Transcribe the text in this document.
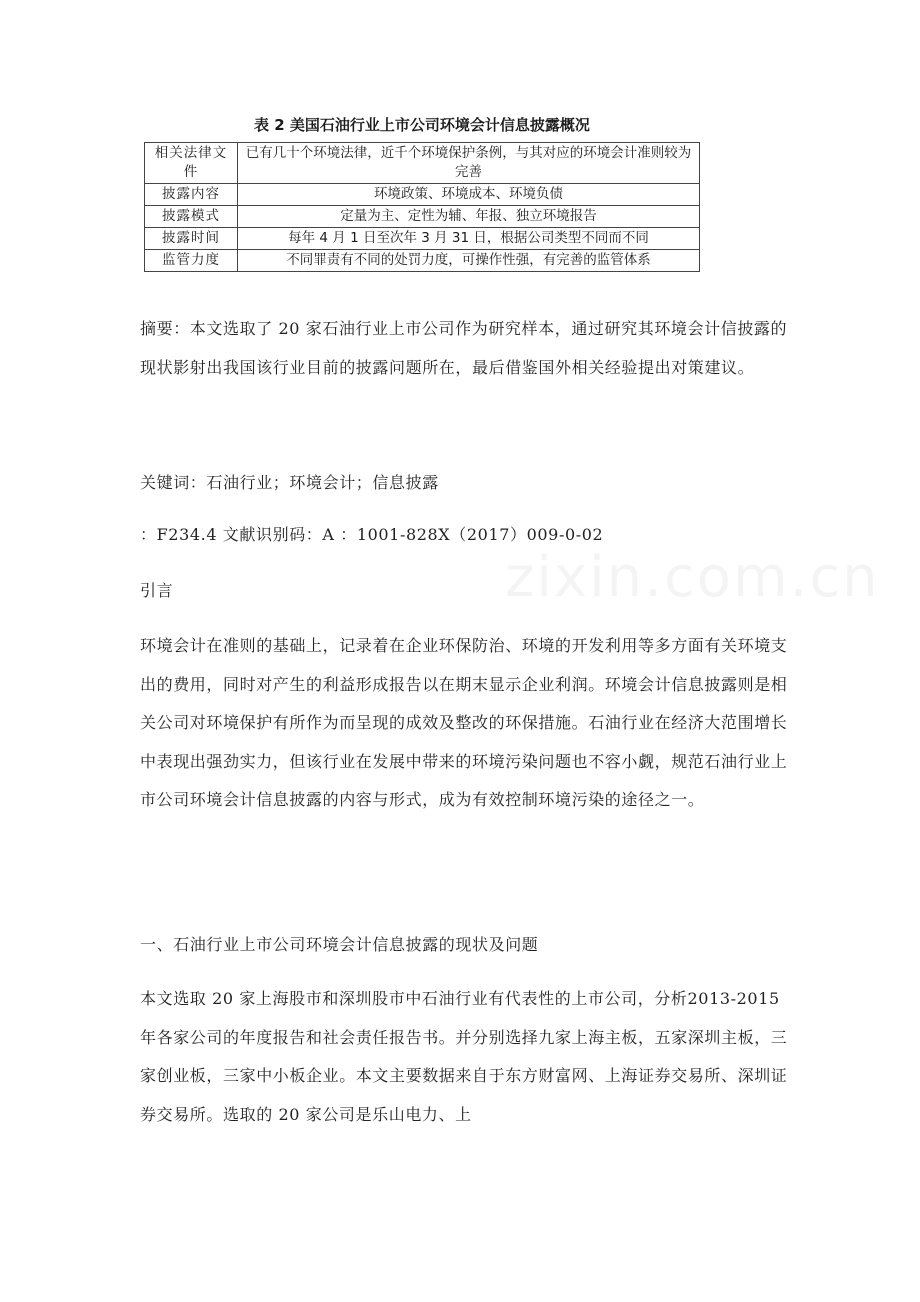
表 2 美国石油行业上市公司环境会计信息披露概况
相关法律文件	已有几十个环境法律，近千个环境保护条例，与其对应的环境会计准则较为完善
披露内容	环境政策、环境成本、环境负债
披露模式	定量为主、定性为辅、年报、独立环境报告
披露时间	每年 4 月 1 日至次年 3 月 31 日，根据公司类型不同而不同
监管力度	不同罪责有不同的处罚力度，可操作性强，有完善的监管体系

摘要：本文选取了 20 家石油行业上市公司作为研究样本，通过研究其环境会计信披露的现状影射出我国该行业目前的披露问题所在，最后借鉴国外相关经验提出对策建议。

关键词：石油行业；环境会计；信息披露

：F234.4 文献识别码：A ：1001-828X（2017）009-0-02

引言

环境会计在准则的基础上，记录着在企业环保防治、环境的开发利用等多方面有关环境支出的费用，同时对产生的利益形成报告以在期末显示企业利润。环境会计信息披露则是相关公司对环境保护有所作为而呈现的成效及整改的环保措施。石油行业在经济大范围增长中表现出强劲实力，但该行业在发展中带来的环境污染问题也不容小觑，规范石油行业上市公司环境会计信息披露的内容与形式，成为有效控制环境污染的途径之一。

一、石油行业上市公司环境会计信息披露的现状及问题

本文选取 20 家上海股市和深圳股市中石油行业有代表性的上市公司，分析2013-2015 年各家公司的年度报告和社会责任报告书。并分别选择九家上海主板，五家深圳主板，三家创业板，三家中小板企业。本文主要数据来自于东方财富网、上海证券交易所、深圳证券交易所。选取的 20 家公司是乐山电力、上
